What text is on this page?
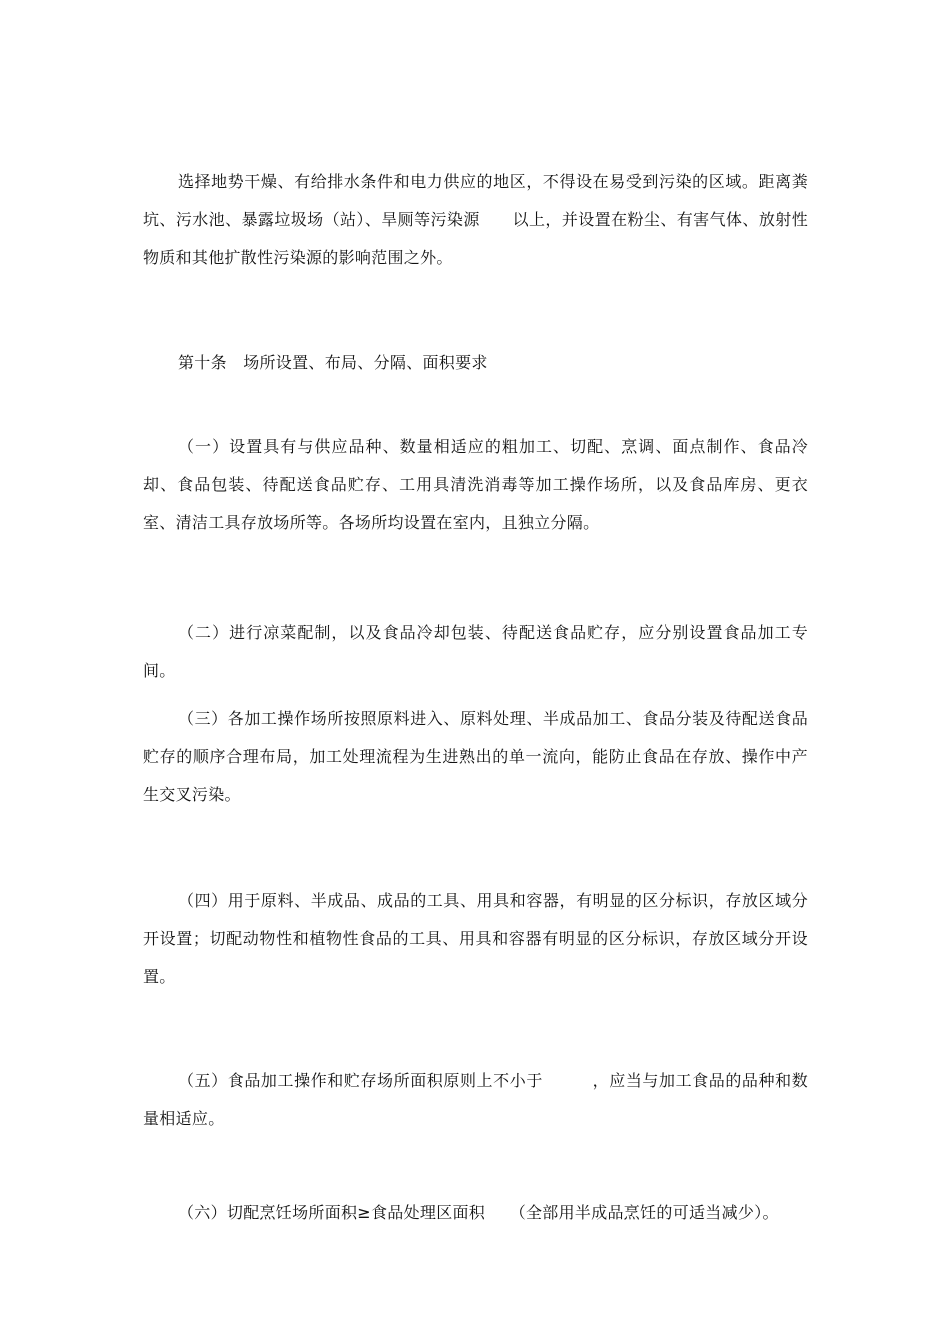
选择地势干燥、有给排水条件和电力供应的地区，不得设在易受到污染的区域。距离粪坑、污水池、暴露垃圾场（站）、旱厕等污染源　　以上，并设置在粉尘、有害气体、放射性物质和其他扩散性污染源的影响范围之外。

第十条　场所设置、布局、分隔、面积要求

（一）设置具有与供应品种、数量相适应的粗加工、切配、烹调、面点制作、食品冷却、食品包装、待配送食品贮存、工用具清洗消毒等加工操作场所，以及食品库房、更衣室、清洁工具存放场所等。各场所均设置在室内，且独立分隔。

（二）进行凉菜配制，以及食品冷却包装、待配送食品贮存，应分别设置食品加工专间。

（三）各加工操作场所按照原料进入、原料处理、半成品加工、食品分装及待配送食品贮存的顺序合理布局，加工处理流程为生进熟出的单一流向，能防止食品在存放、操作中产生交叉污染。

（四）用于原料、半成品、成品的工具、用具和容器，有明显的区分标识，存放区域分开设置；切配动物性和植物性食品的工具、用具和容器有明显的区分标识，存放区域分开设置。

（五）食品加工操作和贮存场所面积原则上不小于　　　，应当与加工食品的品种和数量相适应。

（六）切配烹饪场所面积≥食品处理区面积　　（全部用半成品烹饪的可适当减少）。
